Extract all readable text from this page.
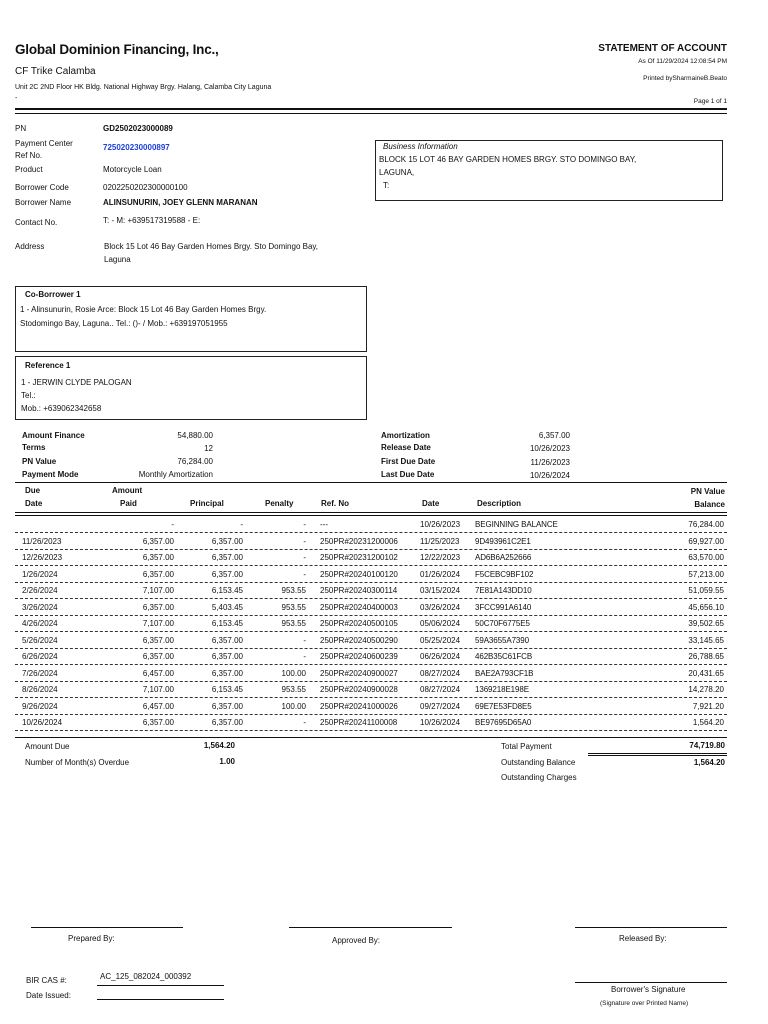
Global Dominion Financing, Inc.,
CF Trike Calamba
Unit 2C 2ND Floor HK Bldg. National Highway Brgy. Halang, Calamba City Laguna
-
STATEMENT OF ACCOUNT
As Of 11/29/2024 12:08:54 PM
Printed bySharmaineB.Beato
Page 1 of 1
PN	GD2502023000089
Payment Center
Ref No.
725020230000897
Product	Motorcycle Loan
Borrower Code	0202250202300000100
Borrower Name	ALINSUNURIN, JOEY GLENN MARANAN
Contact No.	T: - M: +639517319588 - E:
Address	Block 15 Lot 46 Bay Garden Homes Brgy. Sto Domingo Bay,
Laguna
Business Information
BLOCK 15 LOT 46 BAY GARDEN HOMES BRGY. STO DOMINGO BAY,
LAGUNA,
T:
Co-Borrower 1
1 - Alinsunurin, Rosie Arce: Block 15 Lot 46 Bay Garden Homes Brgy.
Stodomingo Bay, Laguna.. Tel.: ()- / Mob.: +639197051955
Reference 1
1 - JERWIN CLYDE PALOGAN
Tel.:
Mob.: +639062342658
Amount Finance	54,880.00
Terms	12
PN Value	76,284.00
Payment Mode	Monthly Amortization
Amortization	6,357.00
Release Date	10/26/2023
First Due Date	11/26/2023
Last Due Date	10/26/2024
Due
Date
Amount
Paid	Principal	Penalty	Ref. No	Date	Description
PN Value
Balance
-	-	- ---	10/26/2023 BEGINNING BALANCE	76,284.00
11/26/2023	6,357.00	6,357.00	- 250PR#20231200006	11/25/2023 9D493961C2E1	69,927.00
12/26/2023	6,357.00	6,357.00	- 250PR#20231200102	12/22/2023 AD6B6A252666	63,570.00
1/26/2024	6,357.00	6,357.00	- 250PR#20240100120	01/26/2024 F5CEBC9BF102	57,213.00
2/26/2024	7,107.00	6,153.45	953.55 250PR#20240300114	03/15/2024 7E81A143DD10	51,059.55
3/26/2024	6,357.00	5,403.45	953.55 250PR#20240400003	03/26/2024 3FCC991A6140	45,656.10
4/26/2024	7,107.00	6,153.45	953.55 250PR#20240500105	05/06/2024 50C70F6775E5	39,502.65
5/26/2024	6,357.00	6,357.00	- 250PR#20240500290	05/25/2024 59A3655A7390	33,145.65
6/26/2024	6,357.00	6,357.00	- 250PR#20240600239	06/26/2024 462B35C61FCB	26,788.65
7/26/2024	6,457.00	6,357.00	100.00 250PR#20240900027	08/27/2024 BAE2A793CF1B	20,431.65
8/26/2024	7,107.00	6,153.45	953.55 250PR#20240900028	08/27/2024 1369218E198E	14,278.20
9/26/2024	6,457.00	6,357.00	100.00 250PR#20241000026	09/27/2024 69E7E53FD8E5	7,921.20
10/26/2024	6,357.00	6,357.00	- 250PR#20241100008	10/26/2024 BE97695D65A0	1,564.20
Amount Due	1,564.20
Number of Month(s) Overdue	1.00
Total Payment	74,719.80
Outstanding Balance	1,564.20
Outstanding Charges
Prepared By:	Approved By:	Released By:
BIR CAS #:	AC_125_082024_000392
Date Issued:
Borrower's Signature
(Signature over Printed Name)
